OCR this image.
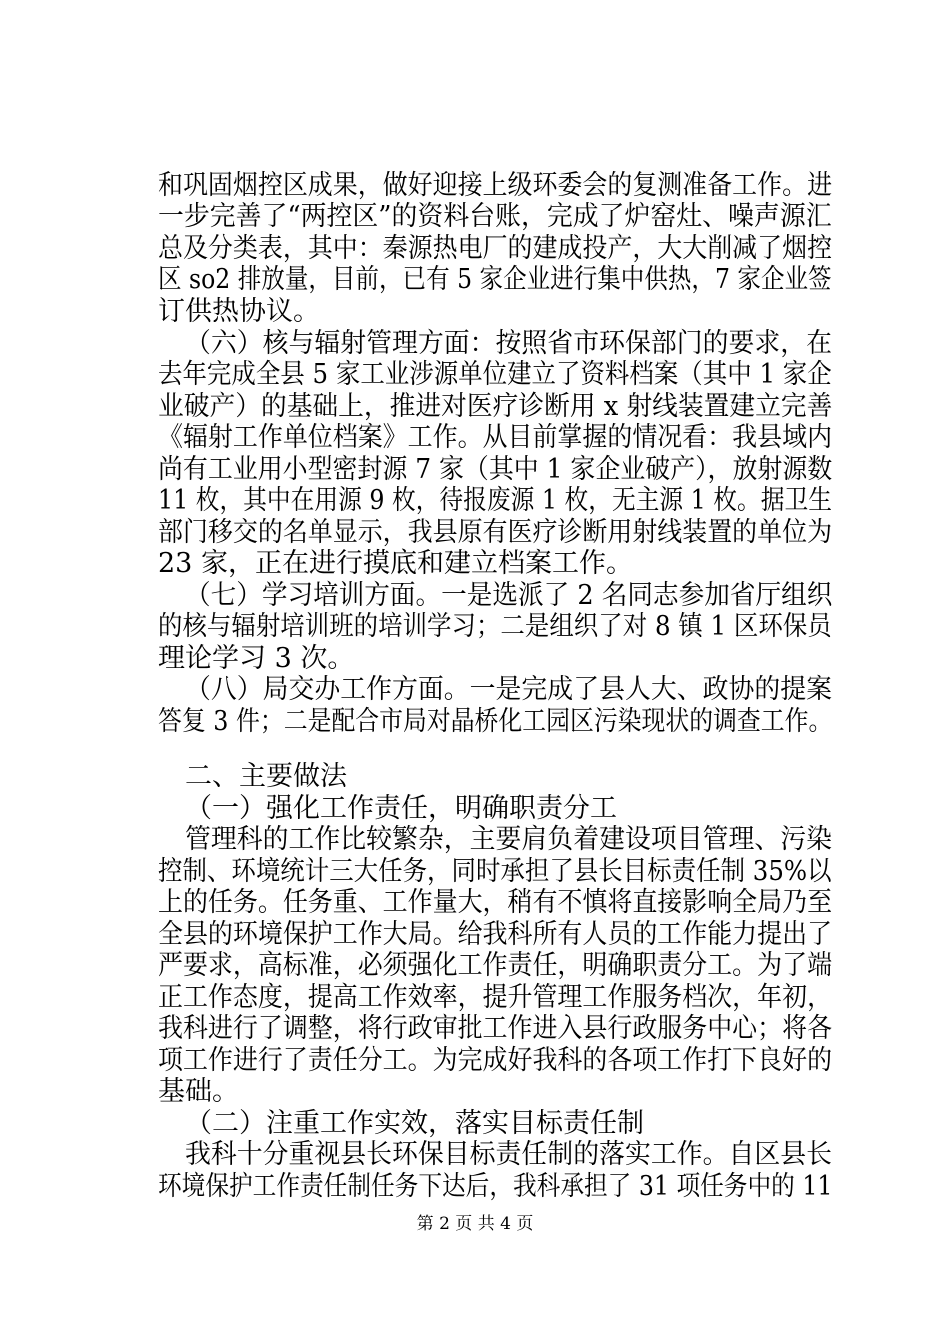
和巩固烟控区成果，做好迎接上级环委会的复测准备工作。进
一步完善了“两控区”的资料台账，完成了炉窑灶、噪声源汇
总及分类表，其中：秦源热电厂的建成投产，大大削减了烟控
区 so2 排放量，目前，已有 5 家企业进行集中供热，7 家企业签
订供热协议。
（六）核与辐射管理方面：按照省市环保部门的要求，在
去年完成全县 5 家工业涉源单位建立了资料档案（其中 1 家企
业破产）的基础上，推进对医疗诊断用 x 射线装置建立完善
《辐射工作单位档案》工作。从目前掌握的情况看：我县域内
尚有工业用小型密封源 7 家（其中 1 家企业破产），放射源数
11 枚，其中在用源 9 枚，待报废源 1 枚，无主源 1 枚。据卫生
部门移交的名单显示，我县原有医疗诊断用射线装置的单位为
23 家，正在进行摸底和建立档案工作。
（七）学习培训方面。一是选派了 2 名同志参加省厅组织
的核与辐射培训班的培训学习；二是组织了对 8 镇 1 区环保员
理论学习 3 次。
（八）局交办工作方面。一是完成了县人大、政协的提案
答复 3 件；二是配合市局对晶桥化工园区污染现状的调查工作。
二、主要做法
（一）强化工作责任，明确职责分工
管理科的工作比较繁杂，主要肩负着建设项目管理、污染
控制、环境统计三大任务，同时承担了县长目标责任制 35%以
上的任务。任务重、工作量大，稍有不慎将直接影响全局乃至
全县的环境保护工作大局。给我科所有人员的工作能力提出了
严要求，高标准，必须强化工作责任，明确职责分工。为了端
正工作态度，提高工作效率，提升管理工作服务档次，年初，
我科进行了调整，将行政审批工作进入县行政服务中心；将各
项工作进行了责任分工。为完成好我科的各项工作打下良好的
基础。
（二）注重工作实效，落实目标责任制
我科十分重视县长环保目标责任制的落实工作。自区县长
环境保护工作责任制任务下达后，我科承担了 31 项任务中的 11
第 2 页 共 4 页
